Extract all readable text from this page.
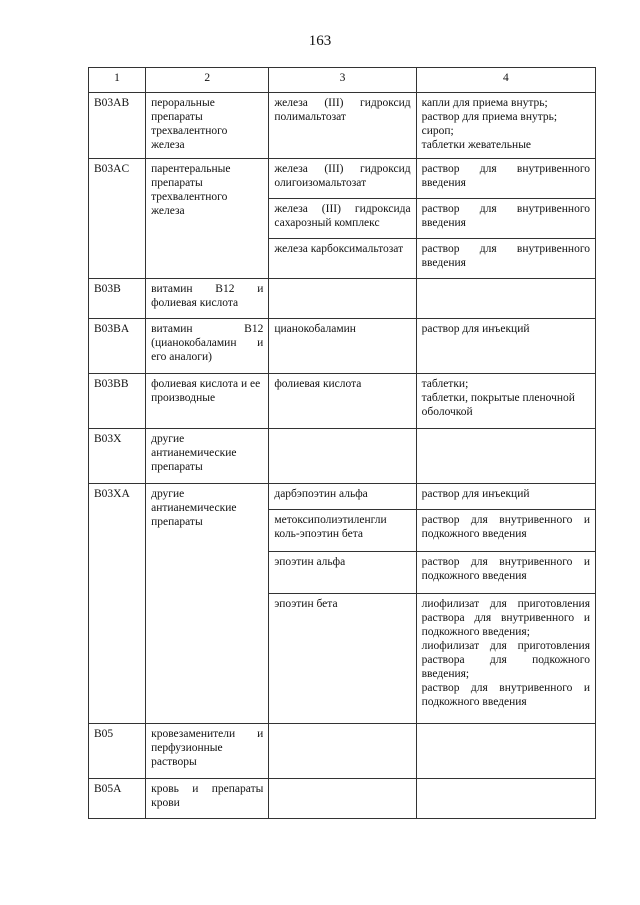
163
1	2	3	4
B03AB	пероральные препараты трехвалентного железа	железа (III) гидроксид полимальтозат	капли для приема внутрь;
раствор для приема внутрь;
сироп;
таблетки жевательные

B03AC	парентеральные препараты трехвалентного железа	железа (III) гидроксид олигоизомальтозат	раствор для внутривенного введения
		железа (III) гидроксида сахарозный комплекс	раствор для внутривенного введения
		железа карбоксимальтозат	раствор для внутривенного введения
B03B	витамин В12 и фолиевая кислота		
B03BA	витамин В12 (цианокобаламин и его аналоги)	цианокобаламин	раствор для инъекций
B03BB	фолиевая кислота и ее производные	фолиевая кислота	таблетки;
таблетки, покрытые пленочной оболочкой

B03X	другие антианемические препараты		
B03XA	другие антианемические препараты	дарбэпоэтин альфа	раствор для инъекций
		метоксиполиэтиленгли коль-эпоэтин бета	раствор для внутривенного и подкожного введения
		эпоэтин альфа	раствор для внутривенного и подкожного введения
		эпоэтин бета	лиофилизат для приготовления раствора для внутривенного и подкожного введения;
лиофилизат для приготовления раствора для подкожного введения;
раствор для внутривенного и подкожного введения

B05	кровезаменители и перфузионные растворы		
B05A	кровь и препараты крови		
